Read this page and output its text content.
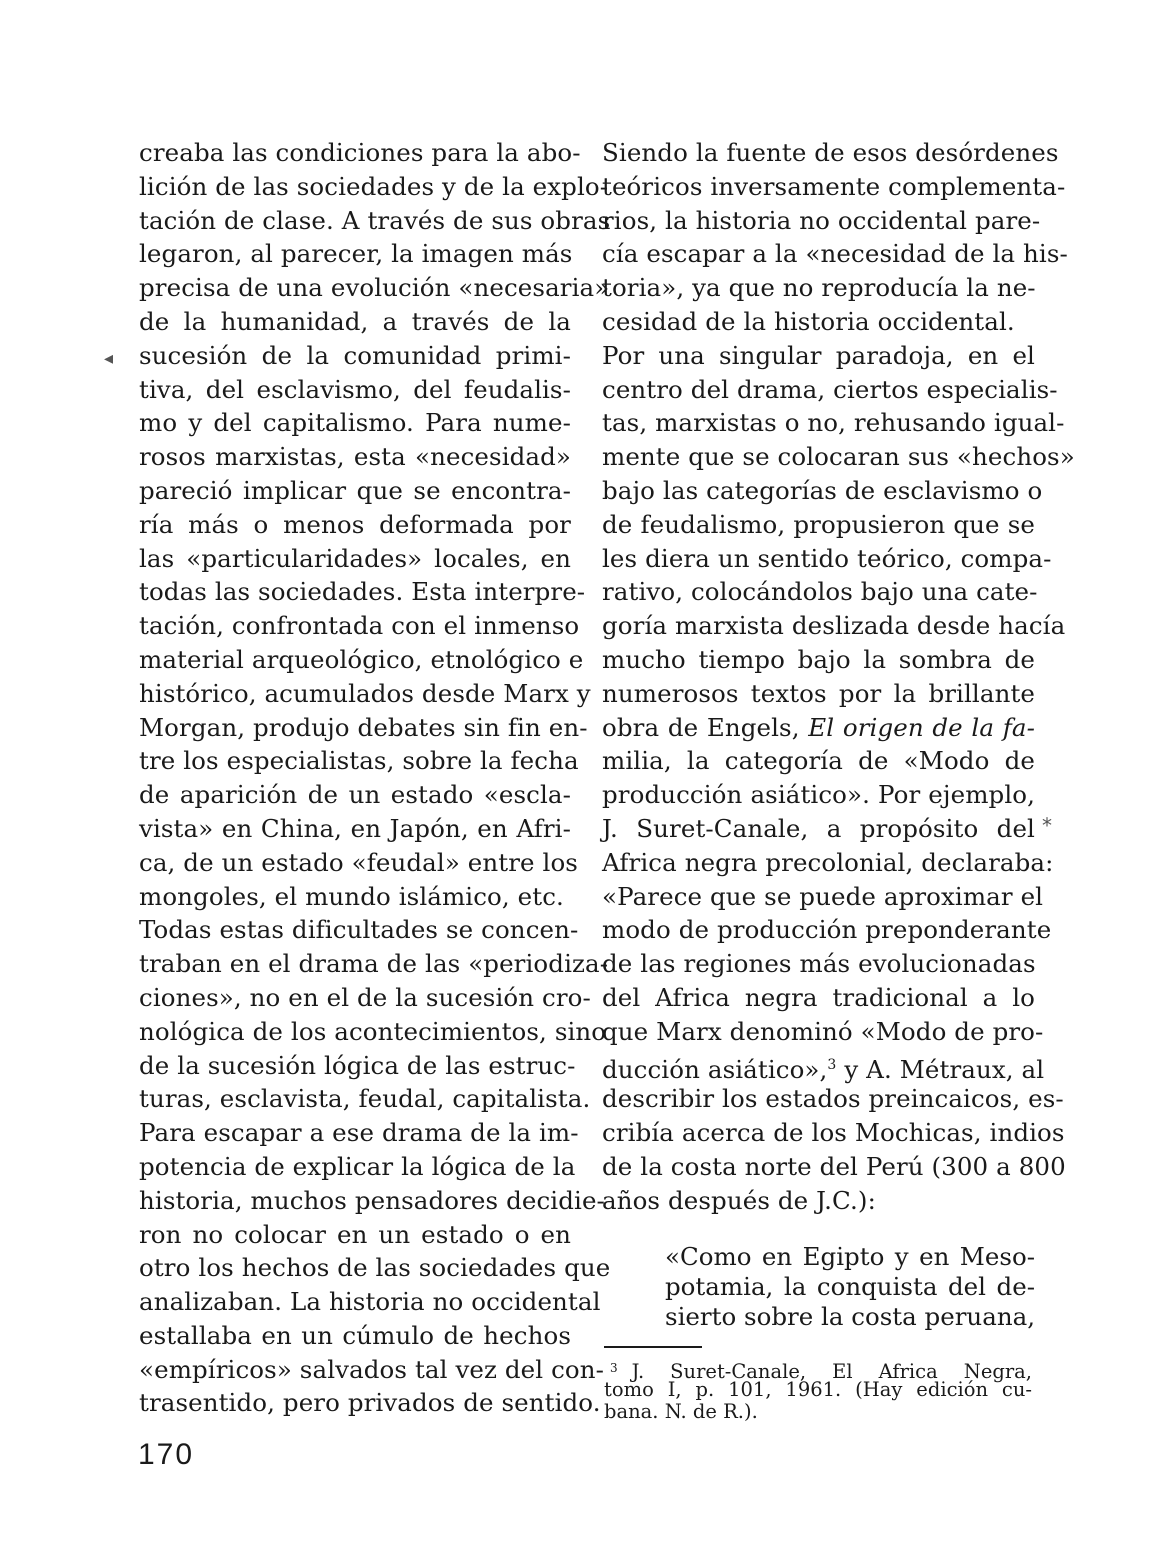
creaba las condiciones para la abo-
lición de las sociedades y de la explo-
tación de clase. A través de sus obras
legaron, al parecer, la imagen más
precisa de una evolución «necesaria»
de la humanidad, a través de la
sucesión de la comunidad primi-
tiva, del esclavismo, del feudalis-
mo y del capitalismo. Para nume-
rosos marxistas, esta «necesidad»
pareció implicar que se encontra-
ría más o menos deformada por
las «particularidades» locales, en
todas las sociedades. Esta interpre-
tación, confrontada con el inmenso
material arqueológico, etnológico e
histórico, acumulados desde Marx y
Morgan, produjo debates sin fin en-
tre los especialistas, sobre la fecha
de aparición de un estado «escla-
vista» en China, en Japón, en Afri-
ca, de un estado «feudal» entre los
mongoles, el mundo islámico, etc.
Todas estas dificultades se concen-
traban en el drama de las «periodiza-
ciones», no en el de la sucesión cro-
nológica de los acontecimientos, sino
de la sucesión lógica de las estruc-
turas, esclavista, feudal, capitalista.
Para escapar a ese drama de la im-
potencia de explicar la lógica de la
historia, muchos pensadores decidie-
ron no colocar en un estado o en
otro los hechos de las sociedades que
analizaban. La historia no occidental
estallaba en un cúmulo de hechos
«empíricos» salvados tal vez del con-
trasentido, pero privados de sentido.
Siendo la fuente de esos desórdenes
teóricos inversamente complementa-
rios, la historia no occidental pare-
cía escapar a la «necesidad de la his-
toria», ya que no reproducía la ne-
cesidad de la historia occidental.
Por una singular paradoja, en el
centro del drama, ciertos especialis-
tas, marxistas o no, rehusando igual-
mente que se colocaran sus «hechos»
bajo las categorías de esclavismo o
de feudalismo, propusieron que se
les diera un sentido teórico, compa-
rativo, colocándolos bajo una cate-
goría marxista deslizada desde hacía
mucho tiempo bajo la sombra de
numerosos textos por la brillante
obra de Engels, El origen de la fa-
milia, la categoría de «Modo de
producción asiático». Por ejemplo,
J. Suret-Canale, a propósito del
Africa negra precolonial, declaraba:
«Parece que se puede aproximar el
modo de producción preponderante
de las regiones más evolucionadas
del Africa negra tradicional a lo
que Marx denominó «Modo de pro-
ducción asiático»,$^3$ y A. Métraux, al
describir los estados preincaicos, es-
cribía acerca de los Mochicas, indios
de la costa norte del Perú (300 a 800
años después de J.C.):
«Como en Egipto y en Meso-
potamia, la conquista del de-
sierto sobre la costa peruana,
$^3$ J. Suret-Canale, El Africa Negra,
tomo I, p. 101, 1961. (Hay edición cu-
bana. N. de R.).
170
◂
⁎
